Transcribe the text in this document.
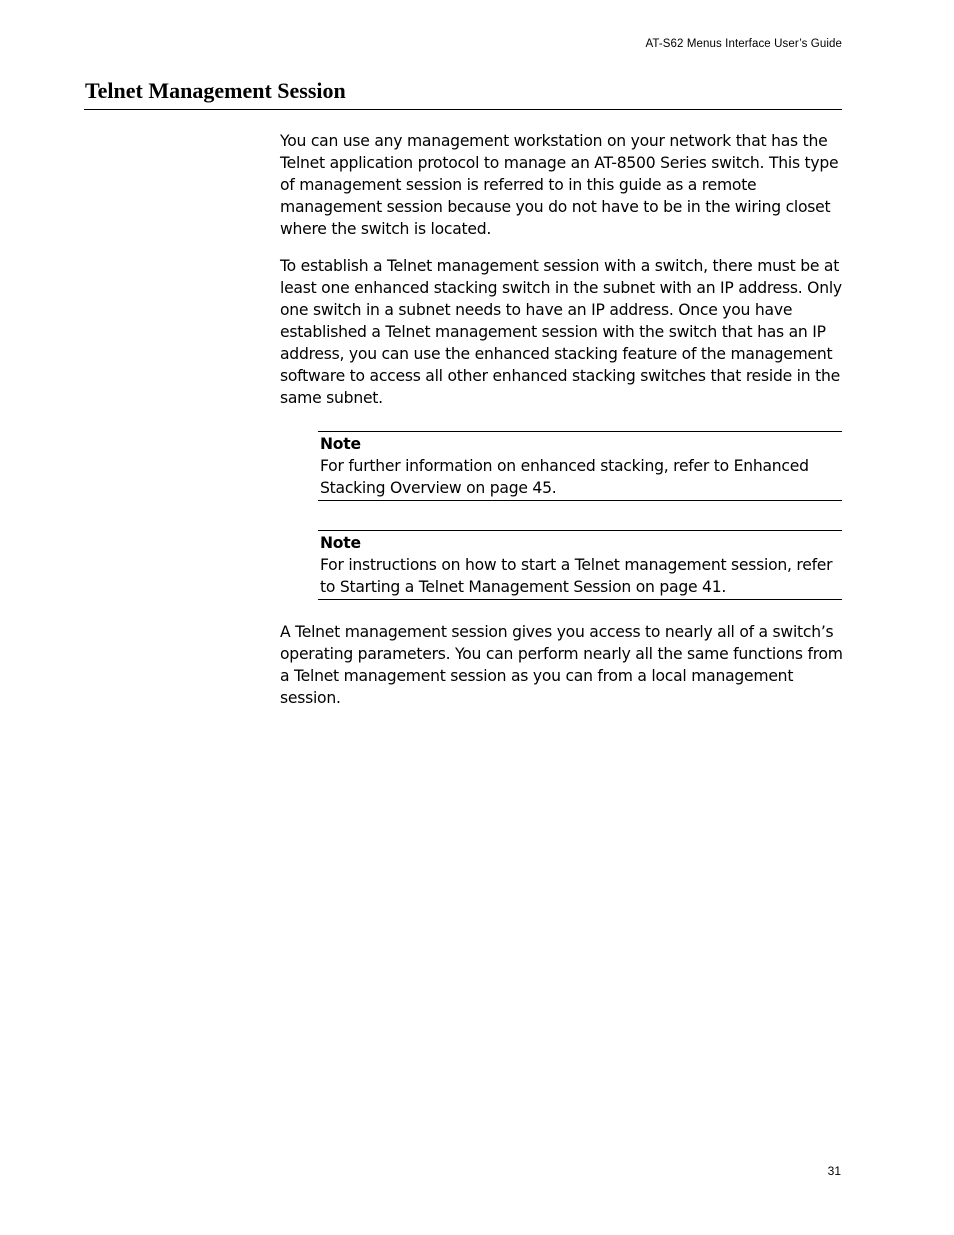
AT-S62 Menus Interface User’s Guide
Telnet Management Session

You can use any management workstation on your network that has the Telnet application protocol to manage an AT-8500 Series switch. This type of management session is referred to in this guide as a remote management session because you do not have to be in the wiring closet where the switch is located.

To establish a Telnet management session with a switch, there must be at least one enhanced stacking switch in the subnet with an IP address. Only one switch in a subnet needs to have an IP address. Once you have established a Telnet management session with the switch that has an IP address, you can use the enhanced stacking feature of the management software to access all other enhanced stacking switches that reside in the same subnet.

Note
For further information on enhanced stacking, refer to Enhanced Stacking Overview on page 45.
Note
For instructions on how to start a Telnet management session, refer to Starting a Telnet Management Session on page 41.

A Telnet management session gives you access to nearly all of a switch’s operating parameters. You can perform nearly all the same functions from a Telnet management session as you can from a local management session.

31
